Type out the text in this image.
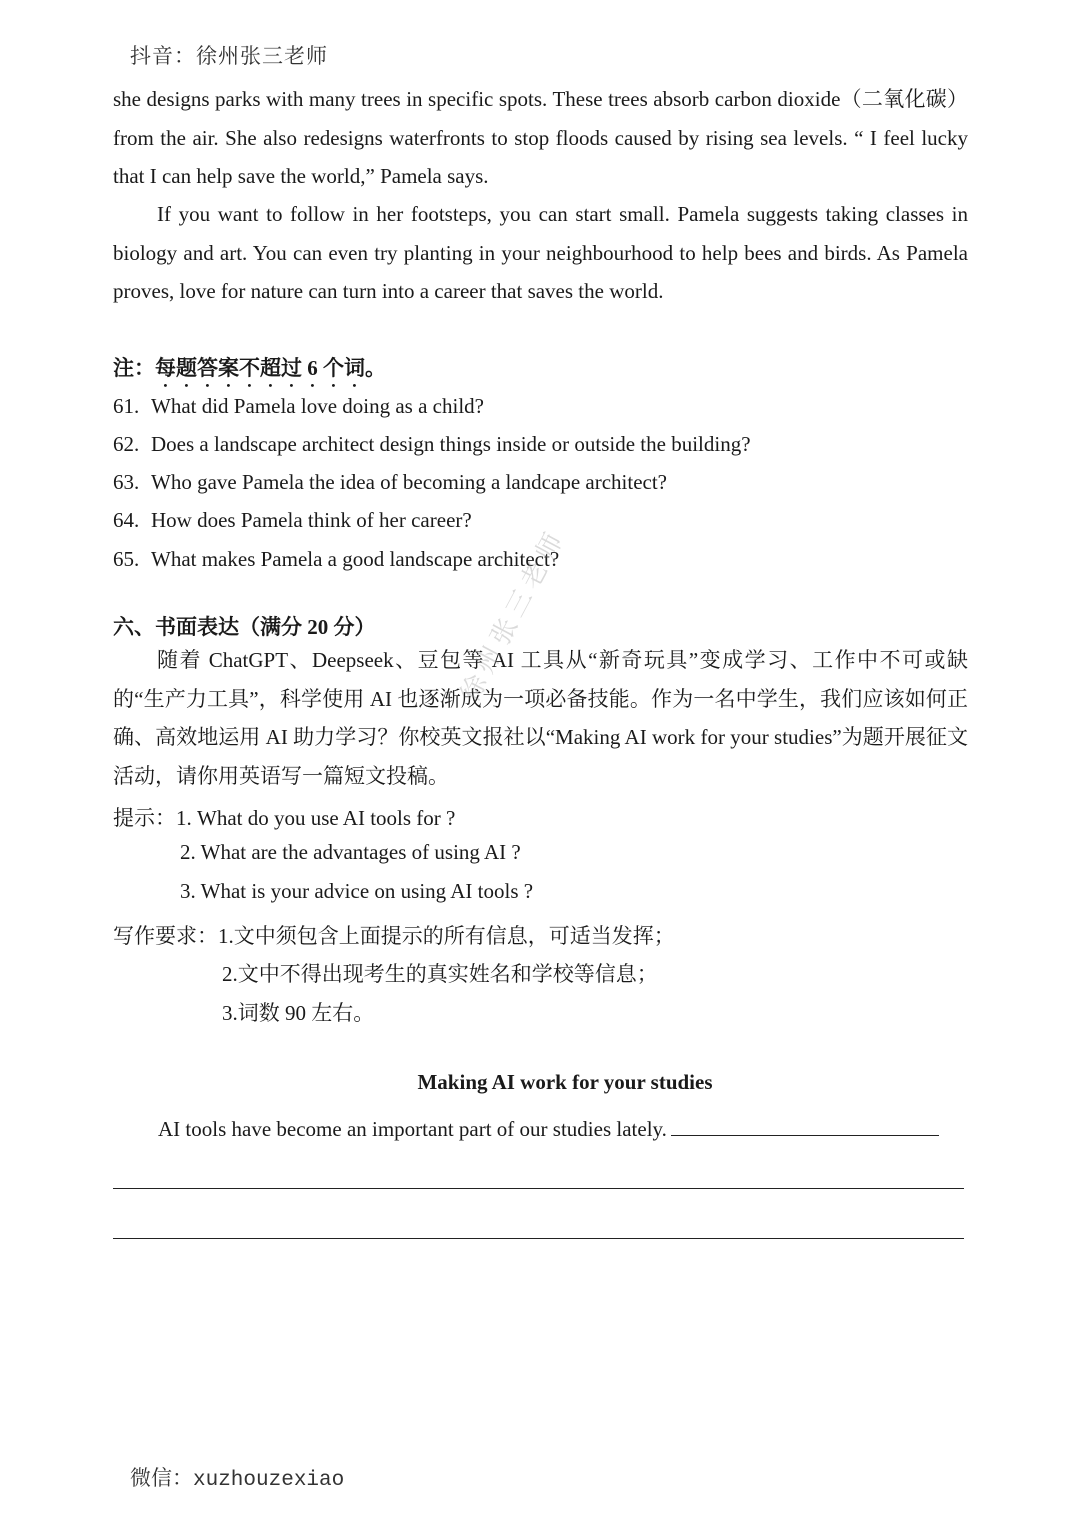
抖音：徐州张三老师
she designs parks with many trees in specific spots. These trees absorb carbon dioxide（二氧化碳）from the air. She also redesigns waterfronts to stop floods caused by rising sea levels. “ I feel lucky that I can help save the world,” Pamela says.
If you want to follow in her footsteps, you can start small. Pamela suggests taking classes in biology and art. You can even try planting in your neighbourhood to help bees and birds. As Pamela proves, love for nature can turn into a career that saves the world.
注：每题答案不超过 6 个词。
61. What did Pamela love doing as a child?
62. Does a landscape architect design things inside or outside the building?
63. Who gave Pamela the idea of becoming a landcape architect?
64. How does Pamela think of her career?
65. What makes Pamela a good landscape architect?
六、书面表达（满分 20 分）
随着 ChatGPT、Deepseek、豆包等 AI 工具从“新奇玩具”变成学习、工作中不可或缺的“生产力工具”，科学使用 AI 也逐渐成为一项必备技能。作为一名中学生，我们应该如何正确、高效地运用 AI 助力学习？你校英文报社以“Making AI work for your studies”为题开展征文活动，请你用英语写一篇短文投稿。
提示：1. What do you use AI tools for ?
2. What are the advantages of using AI ?
3. What is your advice on using AI tools ?
写作要求：1.文中须包含上面提示的所有信息，可适当发挥；
2.文中不得出现考生的真实姓名和学校等信息；
3.词数 90 左右。
Making AI work for your studies
AI tools have become an important part of our studies lately.
徐州张三老师
微信：xuzhouzexiao
